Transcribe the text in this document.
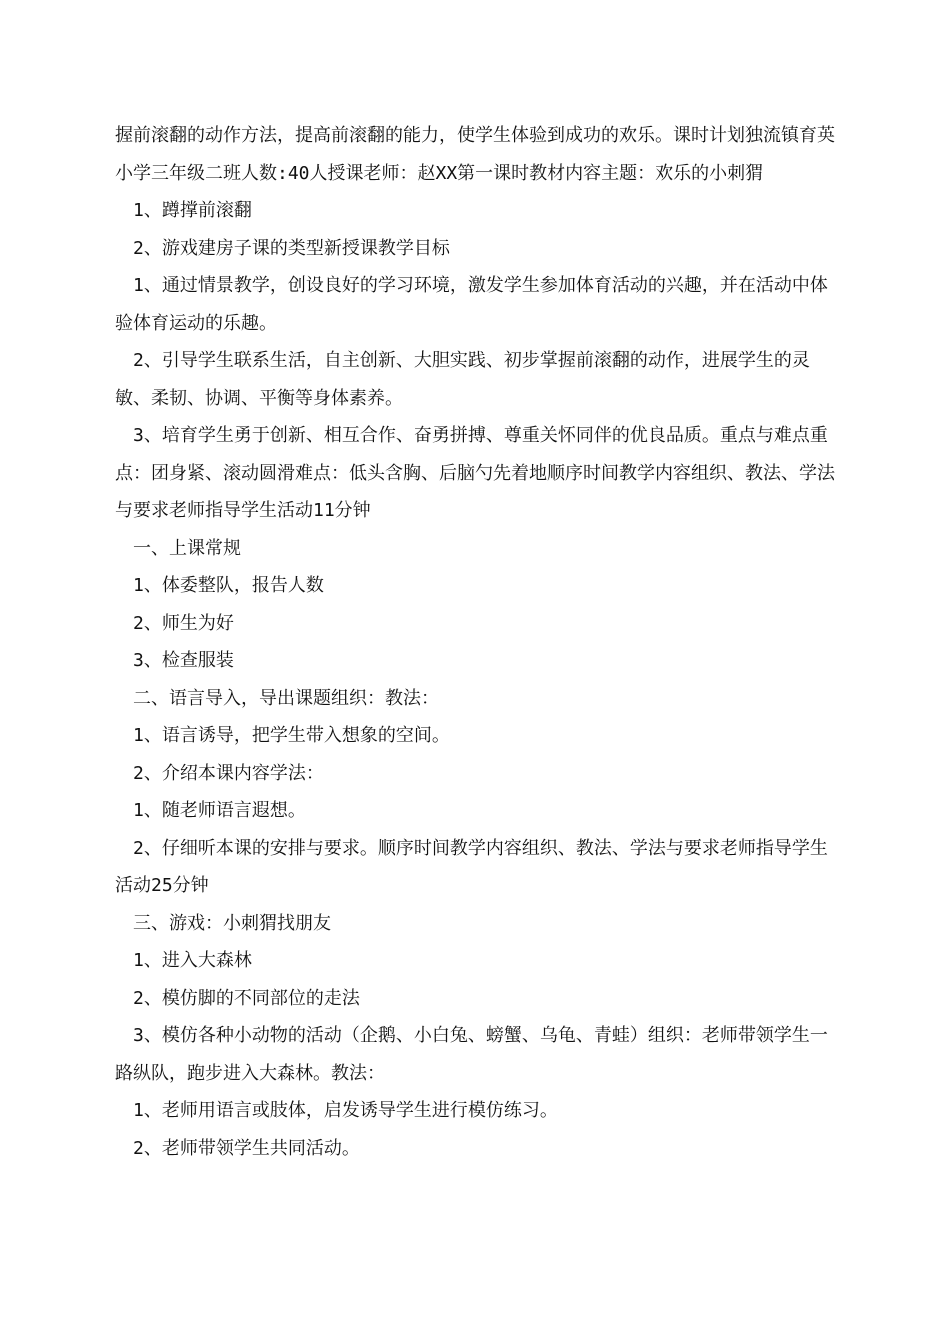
握前滚翻的动作方法，提高前滚翻的能力，使学生体验到成功的欢乐。课时计划独流镇育英小学三年级二班人数:40人授课老师：赵XX第一课时教材内容主题：欢乐的小刺猬

1、蹲撑前滚翻

2、游戏建房子课的类型新授课教学目标

1、通过情景教学，创设良好的学习环境，激发学生参加体育活动的兴趣，并在活动中体验体育运动的乐趣。

2、引导学生联系生活，自主创新、大胆实践、初步掌握前滚翻的动作，进展学生的灵敏、柔韧、协调、平衡等身体素养。

3、培育学生勇于创新、相互合作、奋勇拼搏、尊重关怀同伴的优良品质。重点与难点重点：团身紧、滚动圆滑难点：低头含胸、后脑勺先着地顺序时间教学内容组织、教法、学法与要求老师指导学生活动11分钟

一、上课常规

1、体委整队，报告人数

2、师生为好

3、检查服装

二、语言导入，导出课题组织：教法：

1、语言诱导，把学生带入想象的空间。

2、介绍本课内容学法：

1、随老师语言遐想。

2、仔细听本课的安排与要求。顺序时间教学内容组织、教法、学法与要求老师指导学生活动25分钟

三、游戏：小刺猬找朋友

1、进入大森林

2、模仿脚的不同部位的走法

3、模仿各种小动物的活动（企鹅、小白兔、螃蟹、乌龟、青蛙）组织：老师带领学生一路纵队，跑步进入大森林。教法：

1、老师用语言或肢体，启发诱导学生进行模仿练习。

2、老师带领学生共同活动。
